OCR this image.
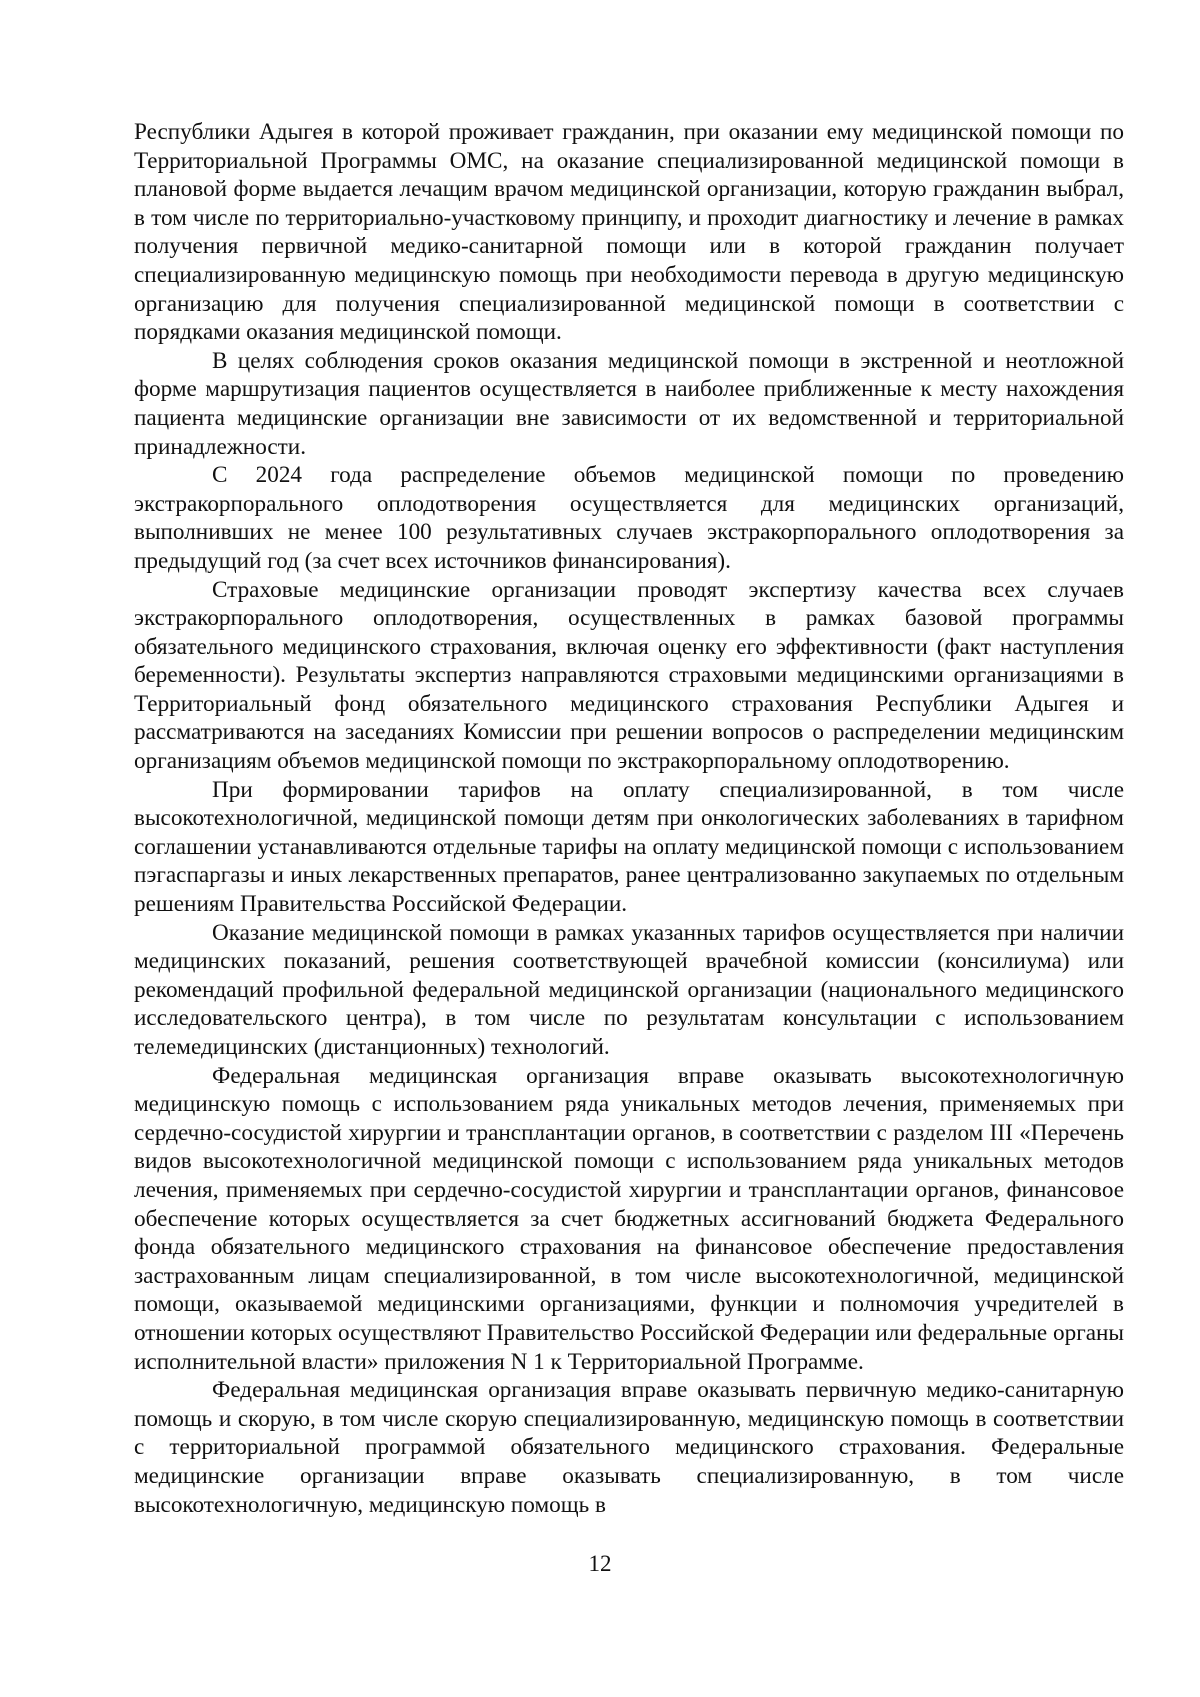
Республики Адыгея в которой проживает гражданин, при оказании ему медицинской помощи по Территориальной Программы ОМС, на оказание специализированной медицинской помощи в плановой форме выдается лечащим врачом медицинской организации, которую гражданин выбрал, в том числе по территориально-участковому принципу, и проходит диагностику и лечение в рамках получения первичной медико-санитарной помощи или в которой гражданин получает специализированную медицинскую помощь при необходимости перевода в другую медицинскую организацию для получения специализированной медицинской помощи в соответствии с порядками оказания медицинской помощи.

В целях соблюдения сроков оказания медицинской помощи в экстренной и неотложной форме маршрутизация пациентов осуществляется в наиболее приближенные к месту нахождения пациента медицинские организации вне зависимости от их ведомственной и территориальной принадлежности.

С 2024 года распределение объемов медицинской помощи по проведению экстракорпорального оплодотворения осуществляется для медицинских организаций, выполнивших не менее 100 результативных случаев экстракорпорального оплодотворения за предыдущий год (за счет всех источников финансирования).

Страховые медицинские организации проводят экспертизу качества всех случаев экстракорпорального оплодотворения, осуществленных в рамках базовой программы обязательного медицинского страхования, включая оценку его эффективности (факт наступления беременности). Результаты экспертиз направляются страховыми медицинскими организациями в Территориальный фонд обязательного медицинского страхования Республики Адыгея и рассматриваются на заседаниях Комиссии при решении вопросов о распределении медицинским организациям объемов медицинской помощи по экстракорпоральному оплодотворению.

При формировании тарифов на оплату специализированной, в том числе высокотехнологичной, медицинской помощи детям при онкологических заболеваниях в тарифном соглашении устанавливаются отдельные тарифы на оплату медицинской помощи с использованием пэгаспаргазы и иных лекарственных препаратов, ранее централизованно закупаемых по отдельным решениям Правительства Российской Федерации.

Оказание медицинской помощи в рамках указанных тарифов осуществляется при наличии медицинских показаний, решения соответствующей врачебной комиссии (консилиума) или рекомендаций профильной федеральной медицинской организации (национального медицинского исследовательского центра), в том числе по результатам консультации с использованием телемедицинских (дистанционных) технологий.

Федеральная медицинская организация вправе оказывать высокотехнологичную медицинскую помощь с использованием ряда уникальных методов лечения, применяемых при сердечно-сосудистой хирургии и трансплантации органов, в соответствии с разделом III «Перечень видов высокотехнологичной медицинской помощи с использованием ряда уникальных методов лечения, применяемых при сердечно-сосудистой хирургии и трансплантации органов, финансовое обеспечение которых осуществляется за счет бюджетных ассигнований бюджета Федерального фонда обязательного медицинского страхования на финансовое обеспечение предоставления застрахованным лицам специализированной, в том числе высокотехнологичной, медицинской помощи, оказываемой медицинскими организациями, функции и полномочия учредителей в отношении которых осуществляют Правительство Российской Федерации или федеральные органы исполнительной власти» приложения N 1 к Территориальной Программе.

Федеральная медицинская организация вправе оказывать первичную медико-санитарную помощь и скорую, в том числе скорую специализированную, медицинскую помощь в соответствии с территориальной программой обязательного медицинского страхования. Федеральные медицинские организации вправе оказывать специализированную, в том числе высокотехнологичную, медицинскую помощь в

12
